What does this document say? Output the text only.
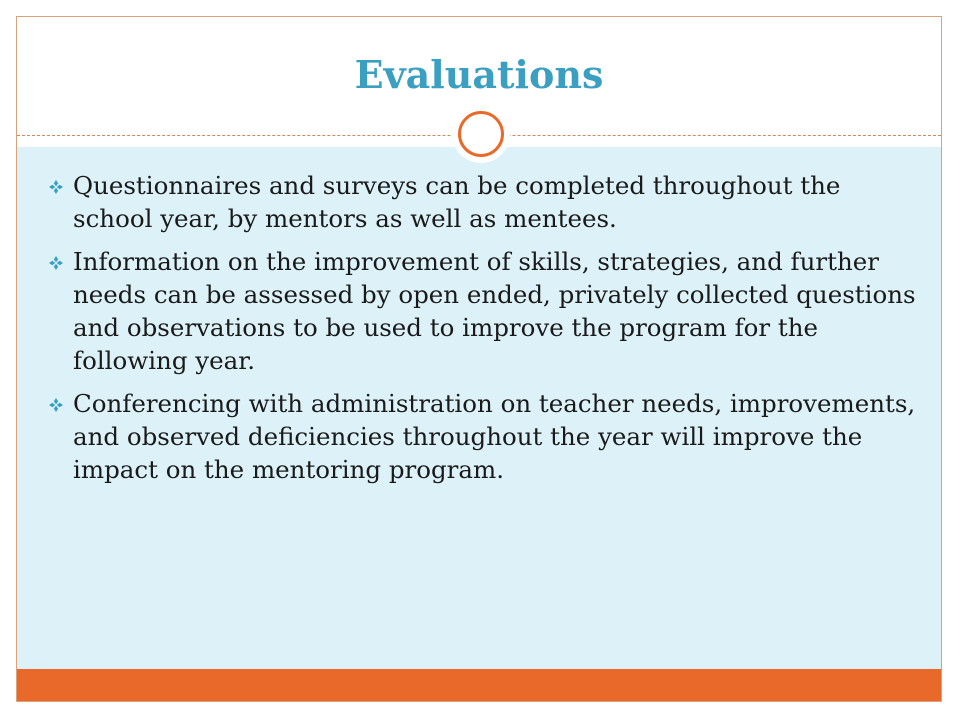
Evaluations
Questionnaires and surveys can be completed throughout the school year, by mentors as well as mentees.
Information on the improvement of skills, strategies, and further needs can be assessed by open ended, privately collected questions and observations to be used to improve the program for the following year.
Conferencing with administration on teacher needs, improvements, and observed deficiencies throughout the year will improve the impact on the mentoring program.
